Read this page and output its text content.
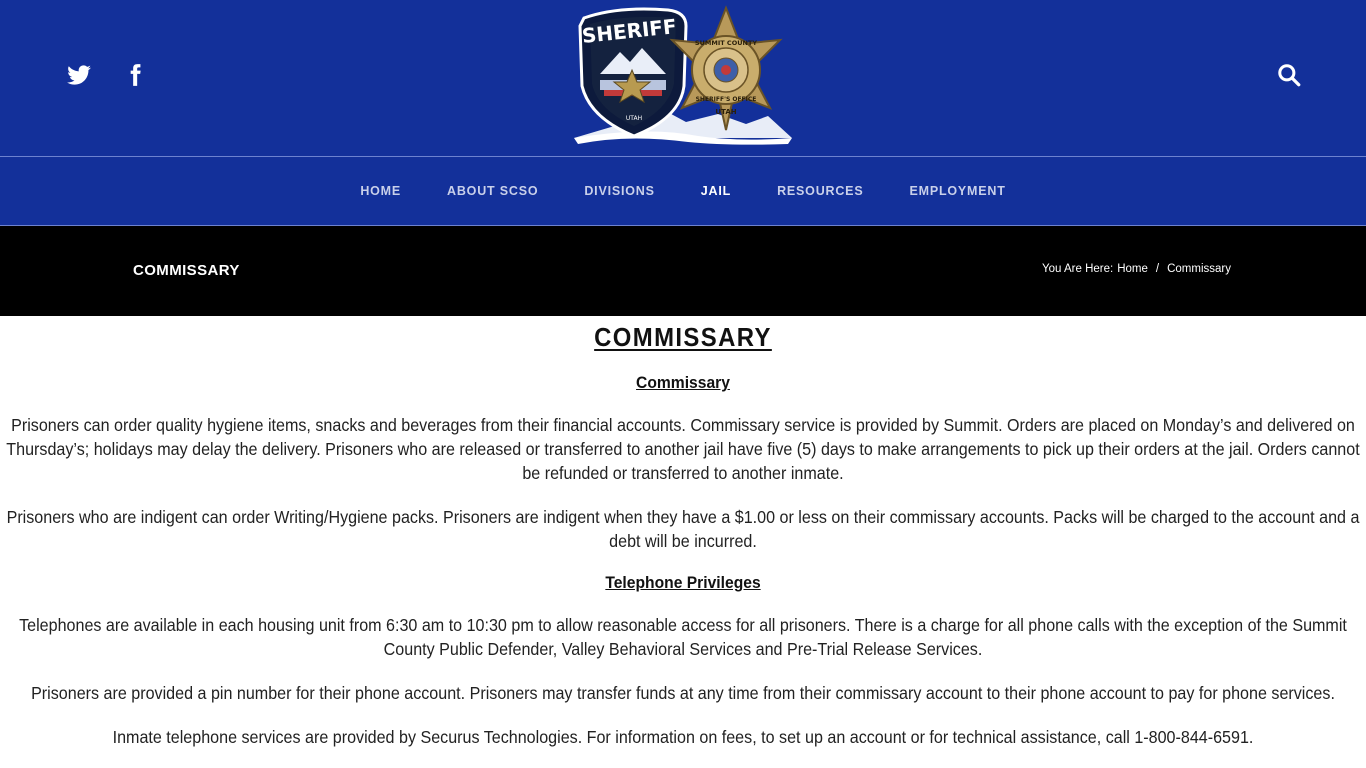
SHERIFF
UTAH
SUMMIT COUNTY
SHERIFF'S OFFICE
UTAH
HOME	ABOUT SCSO	DIVISIONS	JAIL	RESOURCES	EMPLOYMENT
COMMISSARY	You Are Here: Home / Commissary
COMMISSARY
Commissary

Prisoners can order quality hygiene items, snacks and beverages from their financial accounts. Commissary service is provided by Summit. Orders are placed on Monday’s and delivered on Thursday’s; holidays may delay the delivery. Prisoners who are released or transferred to another jail have five (5) days to make arrangements to pick up their orders at the jail. Orders cannot be refunded or transferred to another inmate.

Prisoners who are indigent can order Writing/Hygiene packs. Prisoners are indigent when they have a $1.00 or less on their commissary accounts. Packs will be charged to the account and a debt will be incurred.

Telephone Privileges

Telephones are available in each housing unit from 6:30 am to 10:30 pm to allow reasonable access for all prisoners. There is a charge for all phone calls with the exception of the Summit County Public Defender, Valley Behavioral Services and Pre-Trial Release Services.

Prisoners are provided a pin number for their phone account. Prisoners may transfer funds at any time from their commissary account to their phone account to pay for phone services.

Inmate telephone services are provided by Securus Technologies. For information on fees, to set up an account or for technical assistance, call 1-800-844-6591.
